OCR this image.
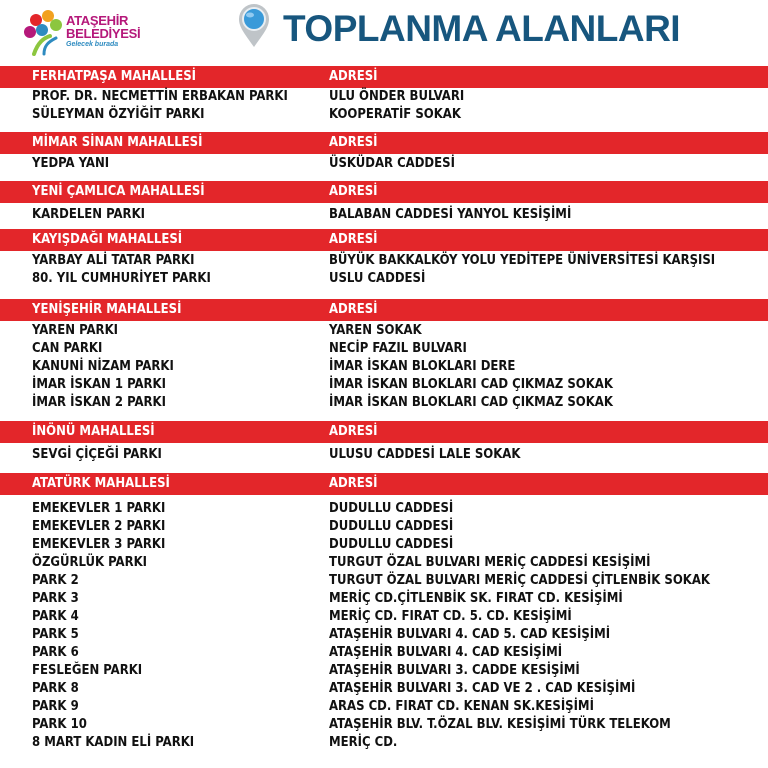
ATAŞEHİR
BELEDİYESİ
Gelecek burada	TOPLANMA ALANLARI
FERHATPAŞA MAHALLESİ	ADRESİ
PROF. DR. NECMETTİN ERBAKAN PARKI	ULU ÖNDER BULVARI
SÜLEYMAN ÖZYİĞİT PARKI	KOOPERATİF SOKAK
MİMAR SİNAN MAHALLESİ	ADRESİ
YEDPA YANI	ÜSKÜDAR CADDESİ
YENİ ÇAMLICA MAHALLESİ	ADRESİ
KARDELEN PARKI	BALABAN CADDESİ YANYOL KESİŞİMİ
KAYIŞDAĞI MAHALLESİ	ADRESİ
YARBAY ALİ TATAR PARKI	BÜYÜK BAKKALKÖY YOLU YEDİTEPE ÜNİVERSİTESİ KARŞISI
80. YIL CUMHURİYET PARKI	USLU CADDESİ
YENİŞEHİR MAHALLESİ	ADRESİ
YAREN PARKI	YAREN SOKAK
CAN PARKI	NECİP FAZIL BULVARI
KANUNİ NİZAM PARKI	İMAR İSKAN BLOKLARI DERE
İMAR İSKAN 1 PARKI	İMAR İSKAN BLOKLARI CAD ÇIKMAZ SOKAK
İMAR İSKAN 2 PARKI	İMAR İSKAN BLOKLARI CAD ÇIKMAZ SOKAK
İNÖNÜ MAHALLESİ	ADRESİ
SEVGİ ÇİÇEĞİ PARKI	ULUSU CADDESİ LALE SOKAK
ATATÜRK MAHALLESİ	ADRESİ
EMEKEVLER 1 PARKI	DUDULLU CADDESİ
EMEKEVLER 2 PARKI	DUDULLU CADDESİ
EMEKEVLER 3 PARKI	DUDULLU CADDESİ
ÖZGÜRLÜK PARKI	TURGUT ÖZAL BULVARI MERİÇ CADDESİ KESİŞİMİ
PARK 2	TURGUT ÖZAL BULVARI MERİÇ CADDESİ ÇİTLENBİK SOKAK
PARK 3	MERİÇ CD.ÇİTLENBİK SK. FIRAT CD. KESİŞİMİ
PARK 4	MERİÇ CD. FIRAT CD. 5. CD. KESİŞİMİ
PARK 5	ATAŞEHİR BULVARI 4. CAD 5. CAD KESİŞİMİ
PARK 6	ATAŞEHİR BULVARI 4. CAD KESİŞİMİ
FESLEĞEN PARKI	ATAŞEHİR BULVARI 3. CADDE KESİŞİMİ
PARK 8	ATAŞEHİR BULVARI 3. CAD VE 2 . CAD KESİŞİMİ
PARK 9	ARAS CD. FIRAT CD. KENAN SK.KESİŞİMİ
PARK 10	ATAŞEHİR BLV. T.ÖZAL BLV. KESİŞİMİ TÜRK TELEKOM
8 MART KADIN ELİ PARKI	MERİÇ CD.
